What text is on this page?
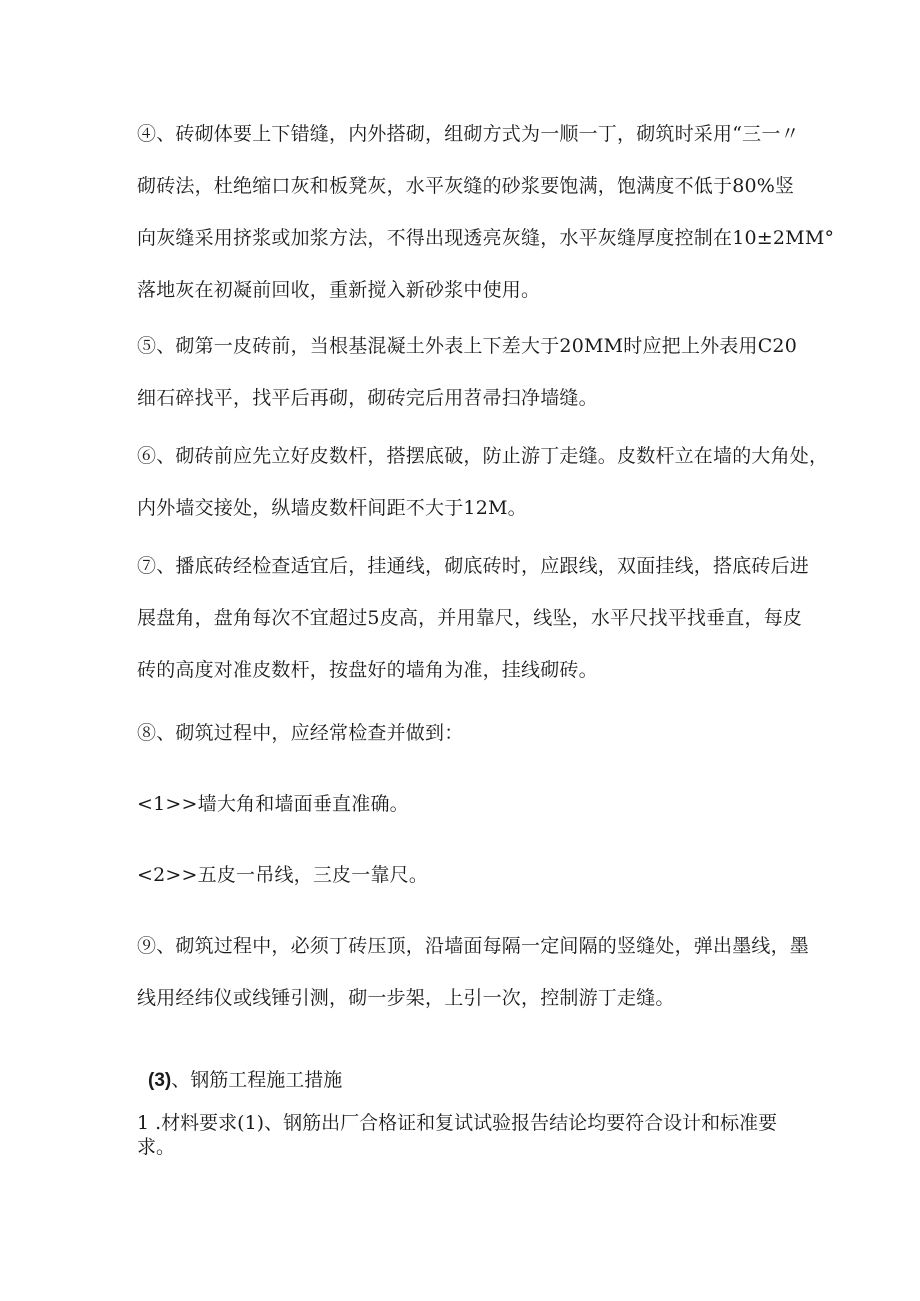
④、砖砌体要上下错缝，内外搭砌，组砌方式为一顺一丁，砌筑时采用“三一〃
砌砖法，杜绝缩口灰和板凳灰，水平灰缝的砂浆要饱满，饱满度不低于80%竖
向灰缝采用挤浆或加浆方法，不得出现透亮灰缝，水平灰缝厚度控制在10±2MM°
落地灰在初凝前回收，重新搅入新砂浆中使用。

⑤、砌第一皮砖前，当根基混凝土外表上下差大于20MM时应把上外表用C20
细石碎找平，找平后再砌，砌砖完后用苕帚扫净墙缝。

⑥、砌砖前应先立好皮数杆，搭摆底破，防止游丁走缝。皮数杆立在墙的大角处，
内外墙交接处，纵墙皮数杆间距不大于12M。

⑦、播底砖经检查适宜后，挂通线，砌底砖时，应跟线，双面挂线，搭底砖后进
展盘角，盘角每次不宜超过5皮高，并用靠尺，线坠，水平尺找平找垂直，每皮
砖的高度对准皮数杆，按盘好的墙角为准，挂线砌砖。

⑧、砌筑过程中，应经常检查并做到：

<1>>墙大角和墙面垂直准确。

<2>>五皮一吊线，三皮一靠尺。

⑨、砌筑过程中，必须丁砖压顶，沿墙面每隔一定间隔的竖缝处，弹出墨线，墨
线用经纬仪或线锤引测，砌一步架，上引一次，控制游丁走缝。

(3)、钢筋工程施工措施

1 .材料要求(1)、钢筋出厂合格证和复试试验报告结论均要符合设计和标准要
求。
